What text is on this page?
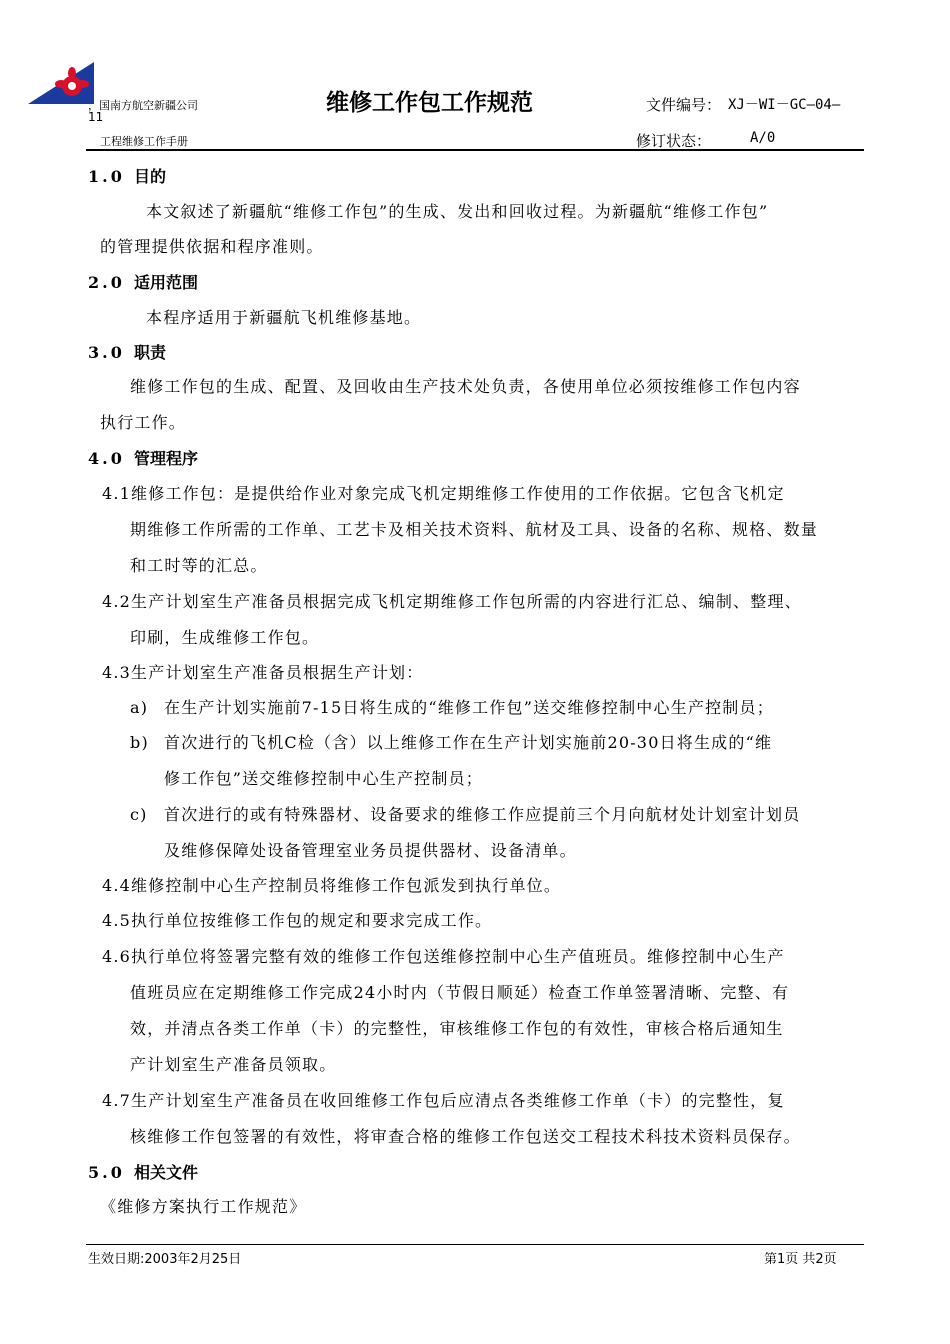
，国南方航空新疆公司
11
工程维修工作手册
维修工作包工作规范	文件编号： XJ－WI－GC—04—
修订状态：	A/0
1.0 目的
本文叙述了新疆航“维修工作包”的生成、发出和回收过程。为新疆航“维修工作包”
的管理提供依据和程序准则。
2.0 适用范围
本程序适用于新疆航飞机维修基地。
3.0 职责
维修工作包的生成、配置、及回收由生产技术处负责，各使用单位必须按维修工作包内容
执行工作。
4.0 管理程序
4.1维修工作包：是提供给作业对象完成飞机定期维修工作使用的工作依据。它包含飞机定
期维修工作所需的工作单、工艺卡及相关技术资料、航材及工具、设备的名称、规格、数量
和工时等的汇总。
4.2生产计划室生产准备员根据完成飞机定期维修工作包所需的内容进行汇总、编制、整理、
印刷，生成维修工作包。
4.3生产计划室生产准备员根据生产计划：
a) 在生产计划实施前7-15日将生成的“维修工作包”送交维修控制中心生产控制员；
b) 首次进行的飞机C检（含）以上维修工作在生产计划实施前20-30日将生成的“维
修工作包”送交维修控制中心生产控制员；
c) 首次进行的或有特殊器材、设备要求的维修工作应提前三个月向航材处计划室计划员
及维修保障处设备管理室业务员提供器材、设备清单。
4.4维修控制中心生产控制员将维修工作包派发到执行单位。
4.5执行单位按维修工作包的规定和要求完成工作。
4.6执行单位将签署完整有效的维修工作包送维修控制中心生产值班员。维修控制中心生产
值班员应在定期维修工作完成24小时内（节假日顺延）检查工作单签署清晰、完整、有
效，并清点各类工作单（卡）的完整性，审核维修工作包的有效性，审核合格后通知生
产计划室生产准备员领取。
4.7生产计划室生产准备员在收回维修工作包后应清点各类维修工作单（卡）的完整性，复
核维修工作包签署的有效性，将审查合格的维修工作包送交工程技术科技术资料员保存。
5.0 相关文件
《维修方案执行工作规范》
生效日期:2003年2月25日	第1页 共2页
